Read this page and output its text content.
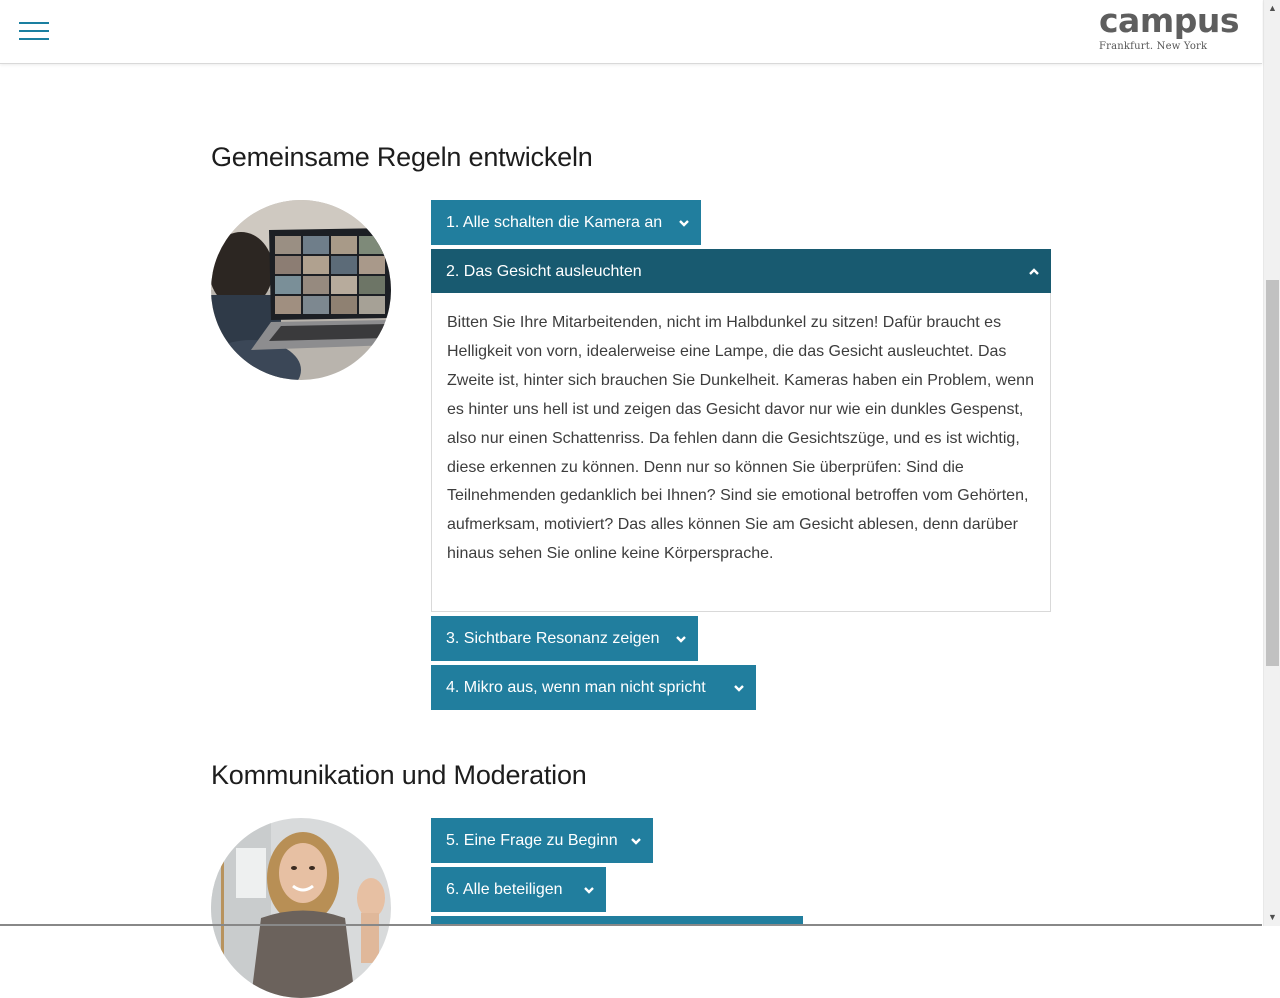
campus
Frankfurt. New York
Gemeinsame Regeln entwickeln
1. Alle schalten die Kamera an
2. Das Gesicht ausleuchten

Bitten Sie Ihre Mitarbeitenden, nicht im Halbdunkel zu sitzen! Dafür braucht es Helligkeit von vorn, idealerweise eine Lampe, die das Gesicht ausleuchtet. Das Zweite ist, hinter sich brauchen Sie Dunkelheit. Kameras haben ein Problem, wenn es hinter uns hell ist und zeigen das Gesicht davor nur wie ein dunkles Gespenst, also nur einen Schattenriss. Da fehlen dann die Gesichtszüge, und es ist wichtig, diese erkennen zu können. Denn nur so können Sie überprüfen: Sind die Teilnehmenden gedanklich bei Ihnen? Sind sie emotional betroffen vom Gehörten, aufmerksam, motiviert? Das alles können Sie am Gesicht ablesen, denn darüber hinaus sehen Sie online keine Körpersprache.

3. Sichtbare Resonanz zeigen
4. Mikro aus, wenn man nicht spricht
Kommunikation und Moderation
5. Eine Frage zu Beginn
6. Alle beteiligen
▲
▼
